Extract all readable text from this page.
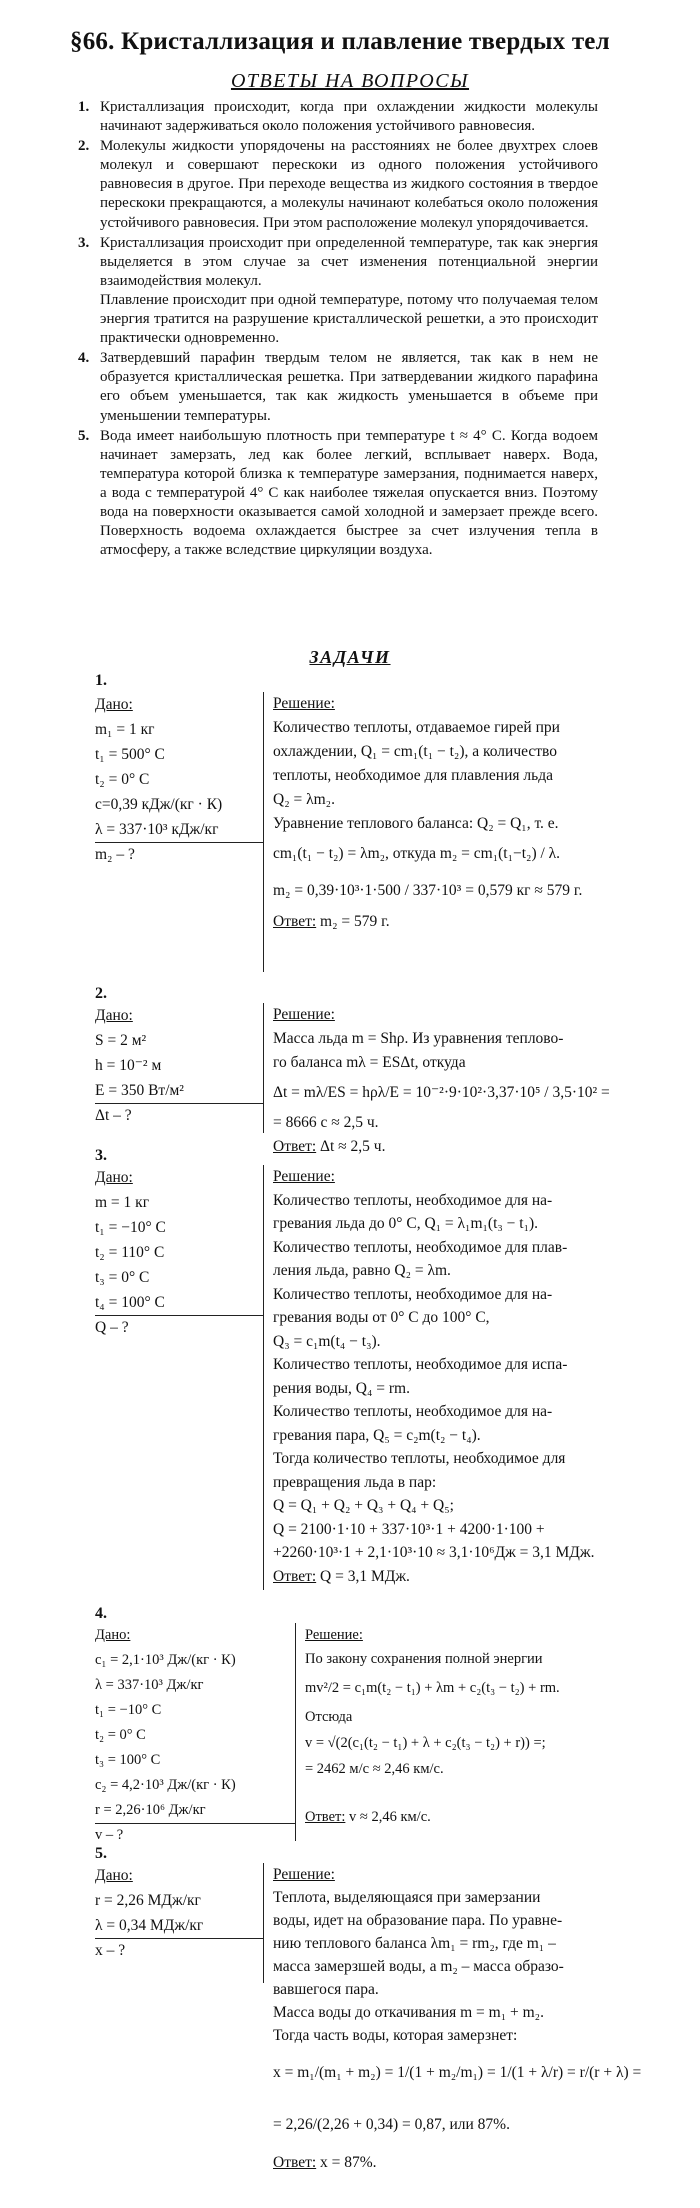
§66. Кристаллизация и плавление твердых тел
ОТВЕТЫ НА ВОПРОСЫ
1. Кристаллизация происходит, когда при охлаждении жидкости молекулы начинают задерживаться около положения устойчивого равновесия.

2. Молекулы жидкости упорядочены на расстояниях не более двухтрех слоев молекул и совершают перескоки из одного положения устойчивого равновесия в другое. При переходе вещества из жидкого состояния в твердое перескоки прекращаются, а молекулы начинают колебаться около положения устойчивого равновесия. При этом расположение молекул упорядочивается.

3. Кристаллизация происходит при определенной температуре, так как энергия выделяется в этом случае за счет изменения потенциальной энергии взаимодействия молекул.

Плавление происходит при одной температуре, потому что получаемая телом энергия тратится на разрушение кристаллической решетки, а это происходит практически одновременно.

4. Затвердевший парафин твердым телом не является, так как в нем не образуется кристаллическая решетка. При затвердевании жидкого парафина его объем уменьшается, так как жидкость уменьшается в объеме при уменьшении температуры.

5. Вода имеет наибольшую плотность при температуре t ≈ 4° С. Когда водоем начинает замерзать, лед как более легкий, всплывает наверх. Вода, температура которой близка к температуре замерзания, поднимается наверх, а вода с температурой 4° С как наиболее тяжелая опускается вниз. Поэтому вода на поверхности оказывается самой холодной и замерзает прежде всего. Поверхность водоема охлаждается быстрее за счет излучения тепла в атмосферу, а также вследствие циркуляции воздуха.

ЗАДАЧИ
1.
Дано:
m₁ = 1 кг
t₁ = 500° C
t₂ = 0° C
c=0,39 кДж/(кг · К)
λ = 337·10³ кДж/кг
m₂ – ?
Решение:
Количество теплоты, отдаваемое гирей при
охлаждении, Q₁ = cm₁(t₁ − t₂), а количество
теплоты, необходимое для плавления льда
Q₂ = λm₂.
Уравнение теплового баланса: Q₂ = Q₁, т. е.
cm₁(t₁ − t₂) = λm₂, откуда m₂ = cm₁(t₁−t₂) / λ.
m₂ = 0,39·10³·1·500 / 337·10³ = 0,579 кг ≈ 579 г.
Ответ: m₂ = 579 г.
2.
Дано:
S = 2 м²
h = 10⁻² м
E = 350 Вт/м²
Δt – ?
Решение:
Масса льда m = Shρ. Из уравнения теплово-
го баланса mλ = ESΔt, откуда
Δt = mλ/ES = hρλ/E = 10⁻²·9·10²·3,37·10⁵ / 3,5·10² =
= 8666 с ≈ 2,5 ч.
Ответ: Δt ≈ 2,5 ч.
3.
Дано:
m = 1 кг
t₁ = −10° C
t₂ = 110° C
t₃ = 0° C
t₄ = 100° C
Q – ?
Решение:
Количество теплоты, необходимое для на-
гревания льда до 0° С, Q₁ = λ₁m₁(t₃ − t₁).
Количество теплоты, необходимое для плав-
ления льда, равно Q₂ = λm.
Количество теплоты, необходимое для на-
гревания воды от 0° С до 100° С,
Q₃ = c₁m(t₄ − t₃).
Количество теплоты, необходимое для испа-
рения воды, Q₄ = rm.
Количество теплоты, необходимое для на-
гревания пара, Q₅ = c₂m(t₂ − t₄).
Тогда количество теплоты, необходимое для
превращения льда в пар:
Q = Q₁ + Q₂ + Q₃ + Q₄ + Q₅;
Q = 2100·1·10 + 337·10³·1 + 4200·1·100 +
+2260·10³·1 + 2,1·10³·10 ≈ 3,1·10⁶Дж = 3,1 МДж.
Ответ: Q = 3,1 МДж.
4.
Дано:
c₁ = 2,1·10³ Дж/(кг · К)
λ = 337·10³ Дж/кг
t₁ = −10° C
t₂ = 0° C
t₃ = 100° C
c₂ = 4,2·10³ Дж/(кг · К)
r = 2,26·10⁶ Дж/кг
v – ?
Решение:
По закону сохранения полной энергии
mv²/2 = c₁m(t₂ − t₁) + λm + c₂(t₃ − t₂) + rm.
Отсюда
v = √(2(c₁(t₂ − t₁) + λ + c₂(t₃ − t₂) + r)) =;
= 2462 м/с ≈ 2,46 км/с.
Ответ: v ≈ 2,46 км/с.
5.
Дано:
r = 2,26 МДж/кг
λ = 0,34 МДж/кг
x – ?
Решение:
Теплота, выделяющаяся при замерзании
воды, идет на образование пара. По уравне-
нию теплового баланса λm₁ = rm₂, где m₁ –
масса замерзшей воды, а m₂ – масса образо-
вавшегося пара.
Масса воды до откачивания m = m₁ + m₂.
Тогда часть воды, которая замерзнет:
x = m₁/(m₁ + m₂) = 1/(1 + m₂/m₁) = 1/(1 + λ/r) = r/(r + λ) =
= 2,26/(2,26 + 0,34) = 0,87, или 87%.
Ответ: x = 87%.
